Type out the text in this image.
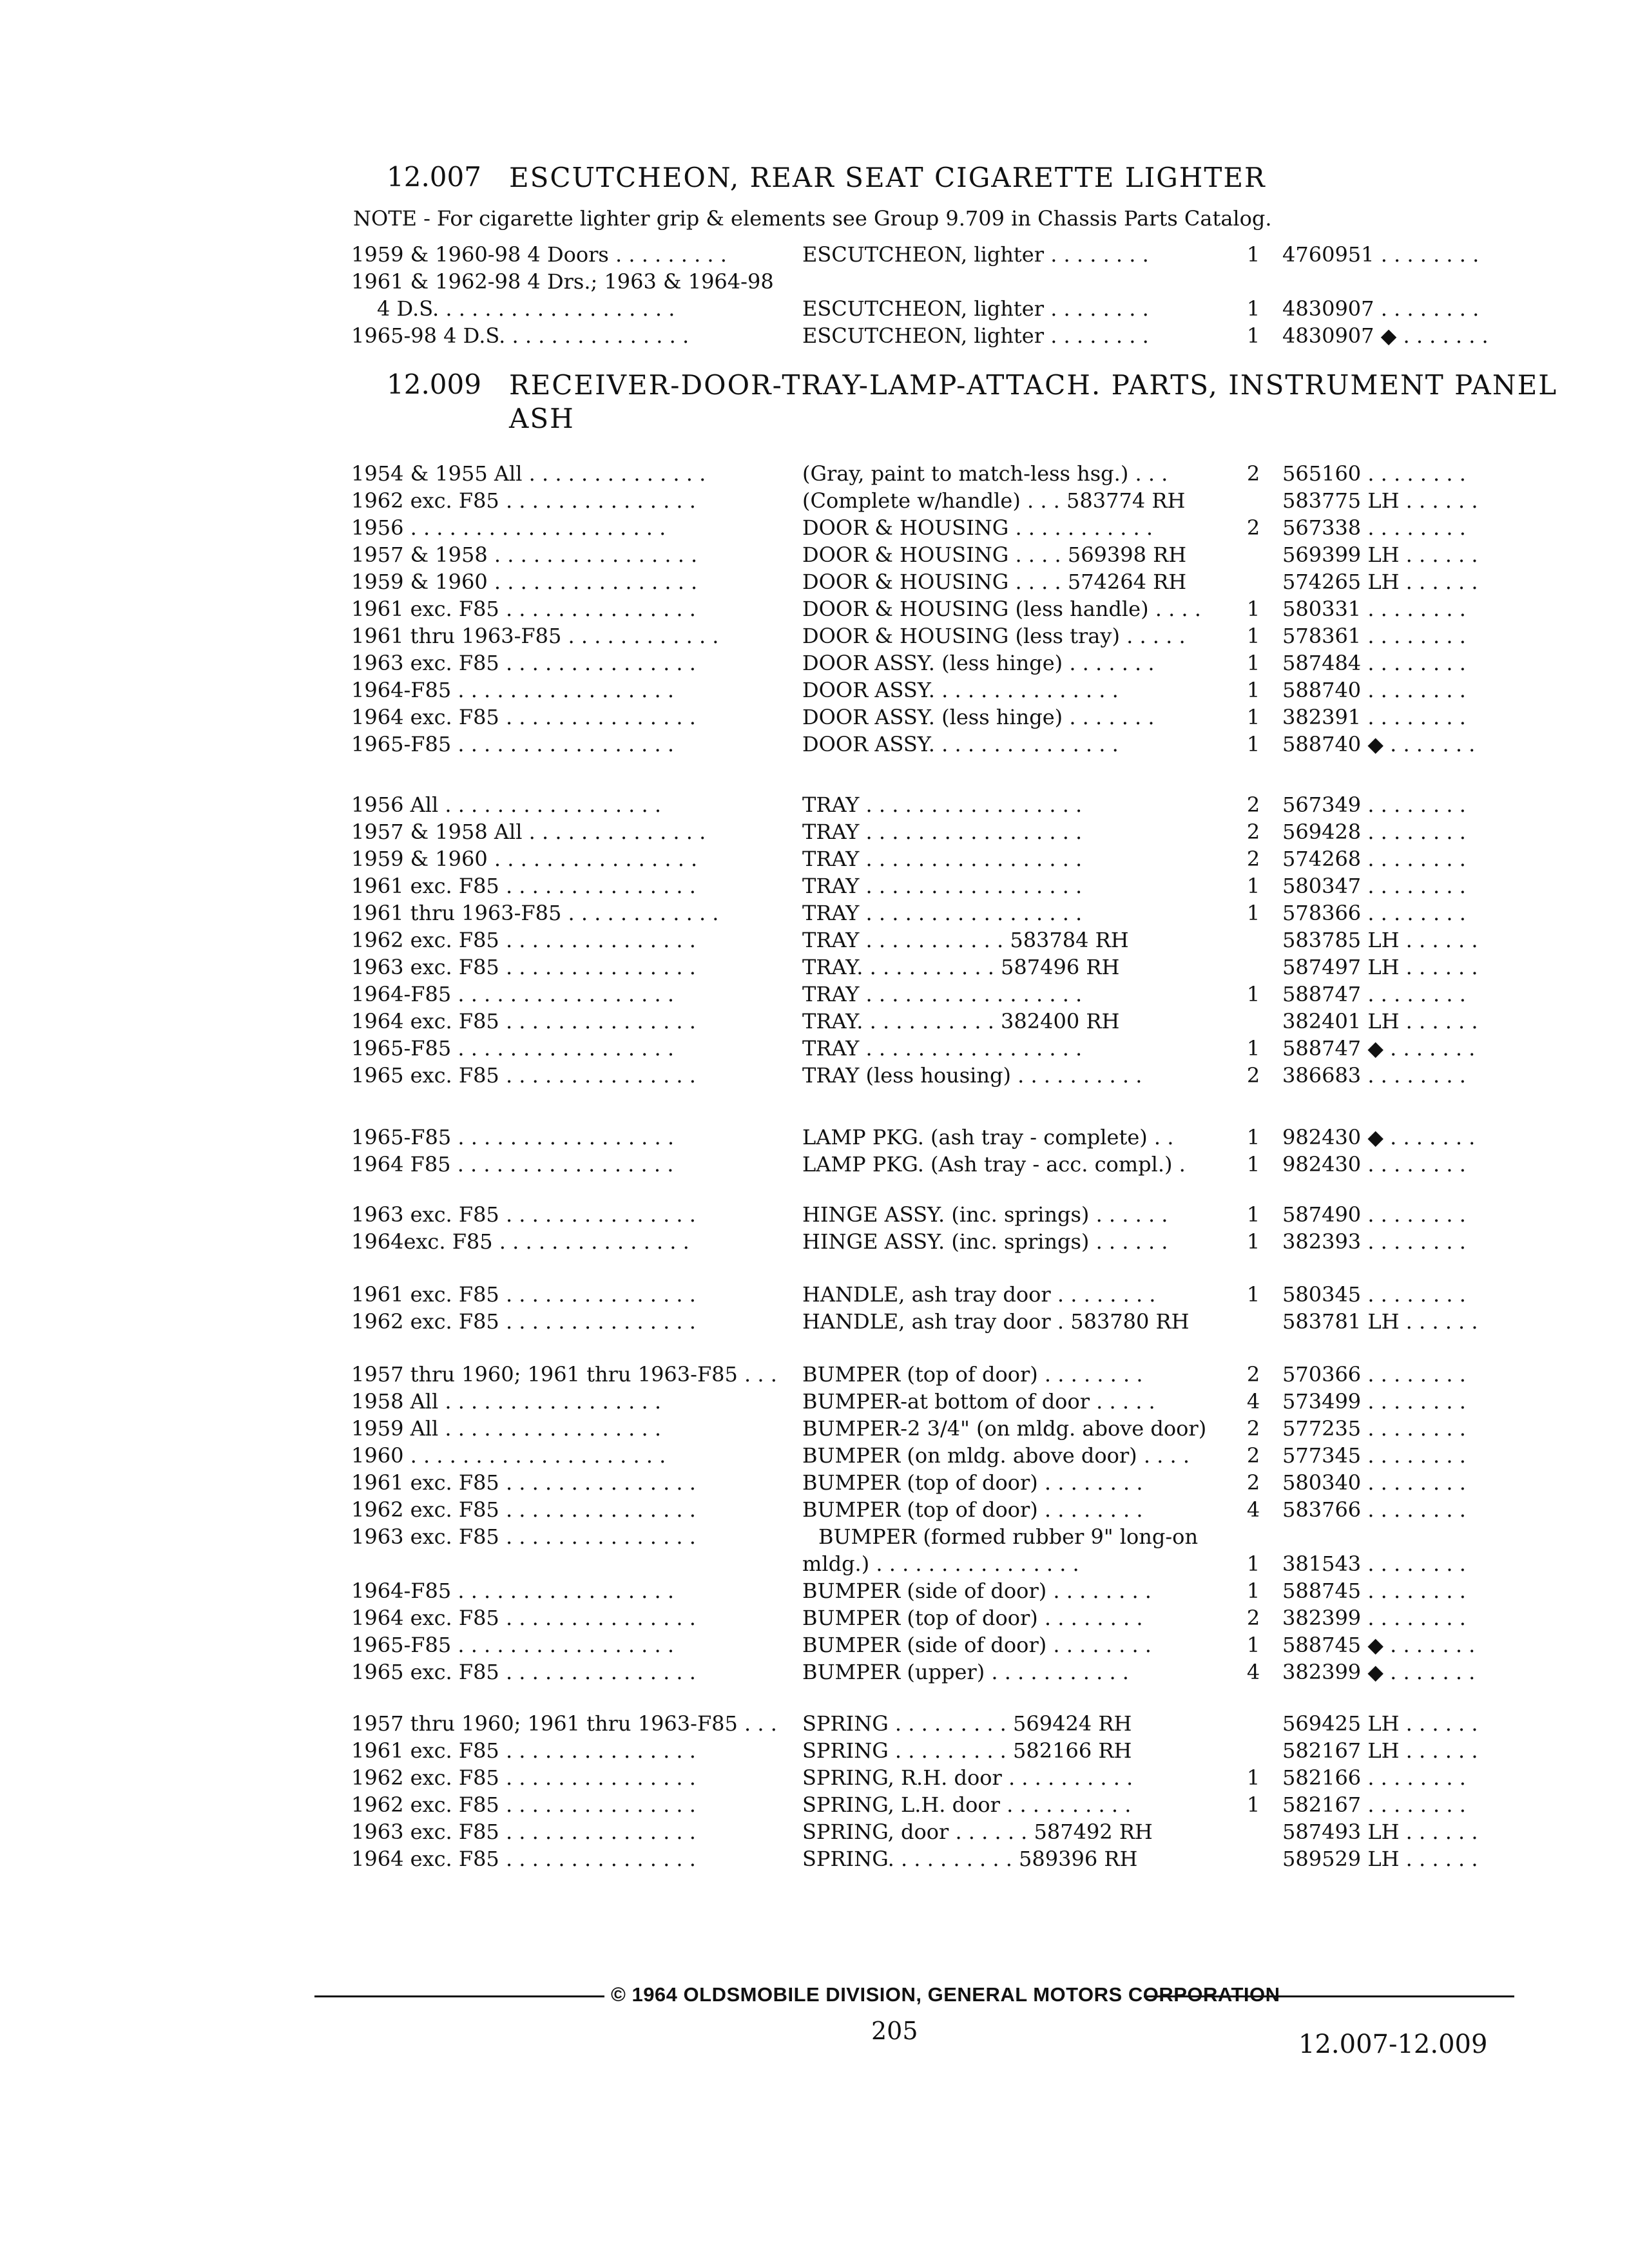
12.007	ESCUTCHEON, REAR SEAT CIGARETTE LIGHTER
NOTE - For cigarette lighter grip & elements see Group 9.709 in Chassis Parts Catalog.
12.009	RECEIVER-DOOR-TRAY-LAMP-ATTACH. PARTS, INSTRUMENT PANEL ASH
1959 & 1960-98 4 Doors . . . . . . . . .	ESCUTCHEON, lighter . . . . . . . .	1	4760951 . . . . . . . .
1961 & 1962-98 4 Drs.; 1963 & 1964-98
4 D.S. . . . . . . . . . . . . . . . . . .	ESCUTCHEON, lighter . . . . . . . .	1	4830907 . . . . . . . .
1965-98 4 D.S. . . . . . . . . . . . . . .	ESCUTCHEON, lighter . . . . . . . .	1	4830907 ◆ . . . . . . .
1954 & 1955 All . . . . . . . . . . . . . .	(Gray, paint to match-less hsg.) . . .	2	565160 . . . . . . . .
1962 exc. F85 . . . . . . . . . . . . . . .	(Complete w/handle) . . . 583774 RH	583775 LH . . . . . .
1956 . . . . . . . . . . . . . . . . . . . .	DOOR & HOUSING . . . . . . . . . . .	2	567338 . . . . . . . .
1957 & 1958 . . . . . . . . . . . . . . . .	DOOR & HOUSING . . . . 569398 RH	569399 LH . . . . . .
1959 & 1960 . . . . . . . . . . . . . . . .	DOOR & HOUSING . . . . 574264 RH	574265 LH . . . . . .
1961 exc. F85 . . . . . . . . . . . . . . .	DOOR & HOUSING (less handle) . . . .	1	580331 . . . . . . . .
1961 thru 1963-F85 . . . . . . . . . . . .	DOOR & HOUSING (less tray) . . . . .	1	578361 . . . . . . . .
1963 exc. F85 . . . . . . . . . . . . . . .	DOOR ASSY. (less hinge) . . . . . . .	1	587484 . . . . . . . .
1964-F85 . . . . . . . . . . . . . . . . .	DOOR ASSY. . . . . . . . . . . . . . .	1	588740 . . . . . . . .
1964 exc. F85 . . . . . . . . . . . . . . .	DOOR ASSY. (less hinge) . . . . . . .	1	382391 . . . . . . . .
1965-F85 . . . . . . . . . . . . . . . . .	DOOR ASSY. . . . . . . . . . . . . . .	1	588740 ◆ . . . . . . .
1956 All . . . . . . . . . . . . . . . . .	TRAY . . . . . . . . . . . . . . . . .	2	567349 . . . . . . . .
1957 & 1958 All . . . . . . . . . . . . . .	TRAY . . . . . . . . . . . . . . . . .	2	569428 . . . . . . . .
1959 & 1960 . . . . . . . . . . . . . . . .	TRAY . . . . . . . . . . . . . . . . .	2	574268 . . . . . . . .
1961 exc. F85 . . . . . . . . . . . . . . .	TRAY . . . . . . . . . . . . . . . . .	1	580347 . . . . . . . .
1961 thru 1963-F85 . . . . . . . . . . . .	TRAY . . . . . . . . . . . . . . . . .	1	578366 . . . . . . . .
1962 exc. F85 . . . . . . . . . . . . . . .	TRAY . . . . . . . . . . . 583784 RH	583785 LH . . . . . .
1963 exc. F85 . . . . . . . . . . . . . . .	TRAY. . . . . . . . . . . 587496 RH	587497 LH . . . . . .
1964-F85 . . . . . . . . . . . . . . . . .	TRAY . . . . . . . . . . . . . . . . .	1	588747 . . . . . . . .
1964 exc. F85 . . . . . . . . . . . . . . .	TRAY. . . . . . . . . . . 382400 RH	382401 LH . . . . . .
1965-F85 . . . . . . . . . . . . . . . . .	TRAY . . . . . . . . . . . . . . . . .	1	588747 ◆ . . . . . . .
1965 exc. F85 . . . . . . . . . . . . . . .	TRAY (less housing) . . . . . . . . . .	2	386683 . . . . . . . .
1965-F85 . . . . . . . . . . . . . . . . .	LAMP PKG. (ash tray - complete) . .	1	982430 ◆ . . . . . . .
1964 F85 . . . . . . . . . . . . . . . . .	LAMP PKG. (Ash tray - acc. compl.) .	1	982430 . . . . . . . .
1963 exc. F85 . . . . . . . . . . . . . . .	HINGE ASSY. (inc. springs) . . . . . .	1	587490 . . . . . . . .
1964exc. F85 . . . . . . . . . . . . . . .	HINGE ASSY. (inc. springs) . . . . . .	1	382393 . . . . . . . .
1961 exc. F85 . . . . . . . . . . . . . . .	HANDLE, ash tray door . . . . . . . .	1	580345 . . . . . . . .
1962 exc. F85 . . . . . . . . . . . . . . .	HANDLE, ash tray door . 583780 RH	583781 LH . . . . . .
1957 thru 1960; 1961 thru 1963-F85 . . . BUMPER (top of door) . . . . . . . .	2	570366 . . . . . . . .
1958 All . . . . . . . . . . . . . . . . .	BUMPER-at bottom of door . . . . .	4	573499 . . . . . . . .
1959 All . . . . . . . . . . . . . . . . .	BUMPER-2 3/4" (on mldg. above door)	2	577235 . . . . . . . .
1960 . . . . . . . . . . . . . . . . . . . .	BUMPER (on mldg. above door) . . . .	2	577345 . . . . . . . .
1961 exc. F85 . . . . . . . . . . . . . . .	BUMPER (top of door) . . . . . . . .	2	580340 . . . . . . . .
1962 exc. F85 . . . . . . . . . . . . . . .	BUMPER (top of door) . . . . . . . .	4	583766 . . . . . . . .
1963 exc. F85 . . . . . . . . . . . . . . .	BUMPER (formed rubber 9" long-on
mldg.) . . . . . . . . . . . . . . . .	1	381543 . . . . . . . .
1964-F85 . . . . . . . . . . . . . . . . .	BUMPER (side of door) . . . . . . . .	1	588745 . . . . . . . .
1964 exc. F85 . . . . . . . . . . . . . . .	BUMPER (top of door) . . . . . . . .	2	382399 . . . . . . . .
1965-F85 . . . . . . . . . . . . . . . . .	BUMPER (side of door) . . . . . . . .	1	588745 ◆ . . . . . . .
1965 exc. F85 . . . . . . . . . . . . . . .	BUMPER (upper) . . . . . . . . . . .	4	382399 ◆ . . . . . . .
1957 thru 1960; 1961 thru 1963-F85 . . . SPRING . . . . . . . . . 569424 RH	569425 LH . . . . . .
1961 exc. F85 . . . . . . . . . . . . . . .	SPRING . . . . . . . . . 582166 RH	582167 LH . . . . . .
1962 exc. F85 . . . . . . . . . . . . . . .	SPRING, R.H. door . . . . . . . . . .	1	582166 . . . . . . . .
1962 exc. F85 . . . . . . . . . . . . . . .	SPRING, L.H. door . . . . . . . . . .	1	582167 . . . . . . . .
1963 exc. F85 . . . . . . . . . . . . . . .	SPRING, door . . . . . . 587492 RH	587493 LH . . . . . .
1964 exc. F85 . . . . . . . . . . . . . . .	SPRING. . . . . . . . . . 589396 RH	589529 LH . . . . . .
© 1964 OLDSMOBILE DIVISION, GENERAL MOTORS CORPORATION
205	12.007-12.009
